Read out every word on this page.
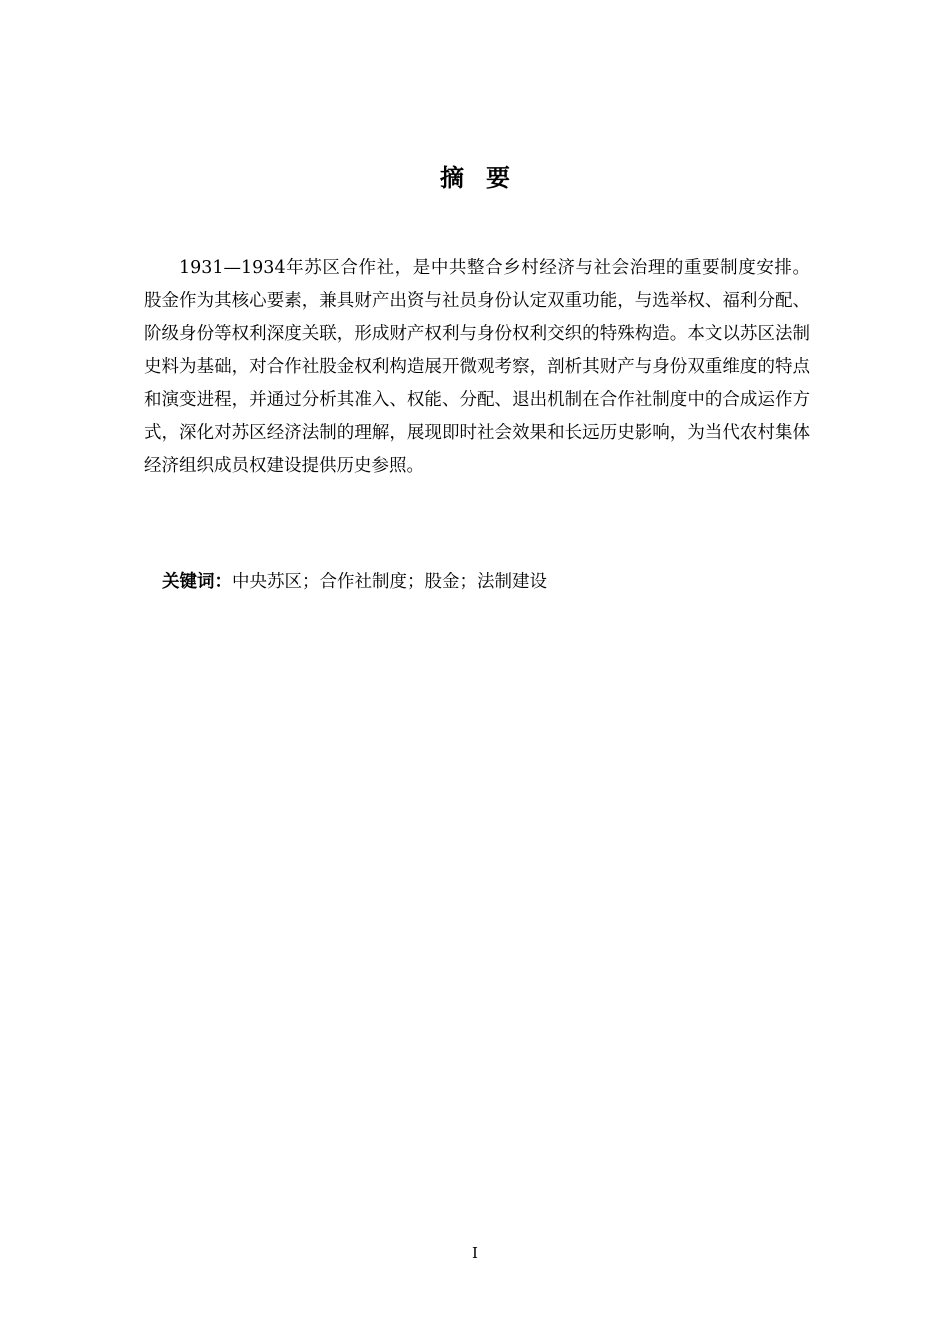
摘要

1931—1934年苏区合作社，是中共整合乡村经济与社会治理的重要制度安排。股金作为其核心要素，兼具财产出资与社员身份认定双重功能，与选举权、福利分配、阶级身份等权利深度关联，形成财产权利与身份权利交织的特殊构造。本文以苏区法制史料为基础，对合作社股金权利构造展开微观考察，剖析其财产与身份双重维度的特点和演变进程，并通过分析其准入、权能、分配、退出机制在合作社制度中的合成运作方式，深化对苏区经济法制的理解，展现即时社会效果和长远历史影响，为当代农村集体经济组织成员权建设提供历史参照。

关键词：中央苏区；合作社制度；股金；法制建设
I
